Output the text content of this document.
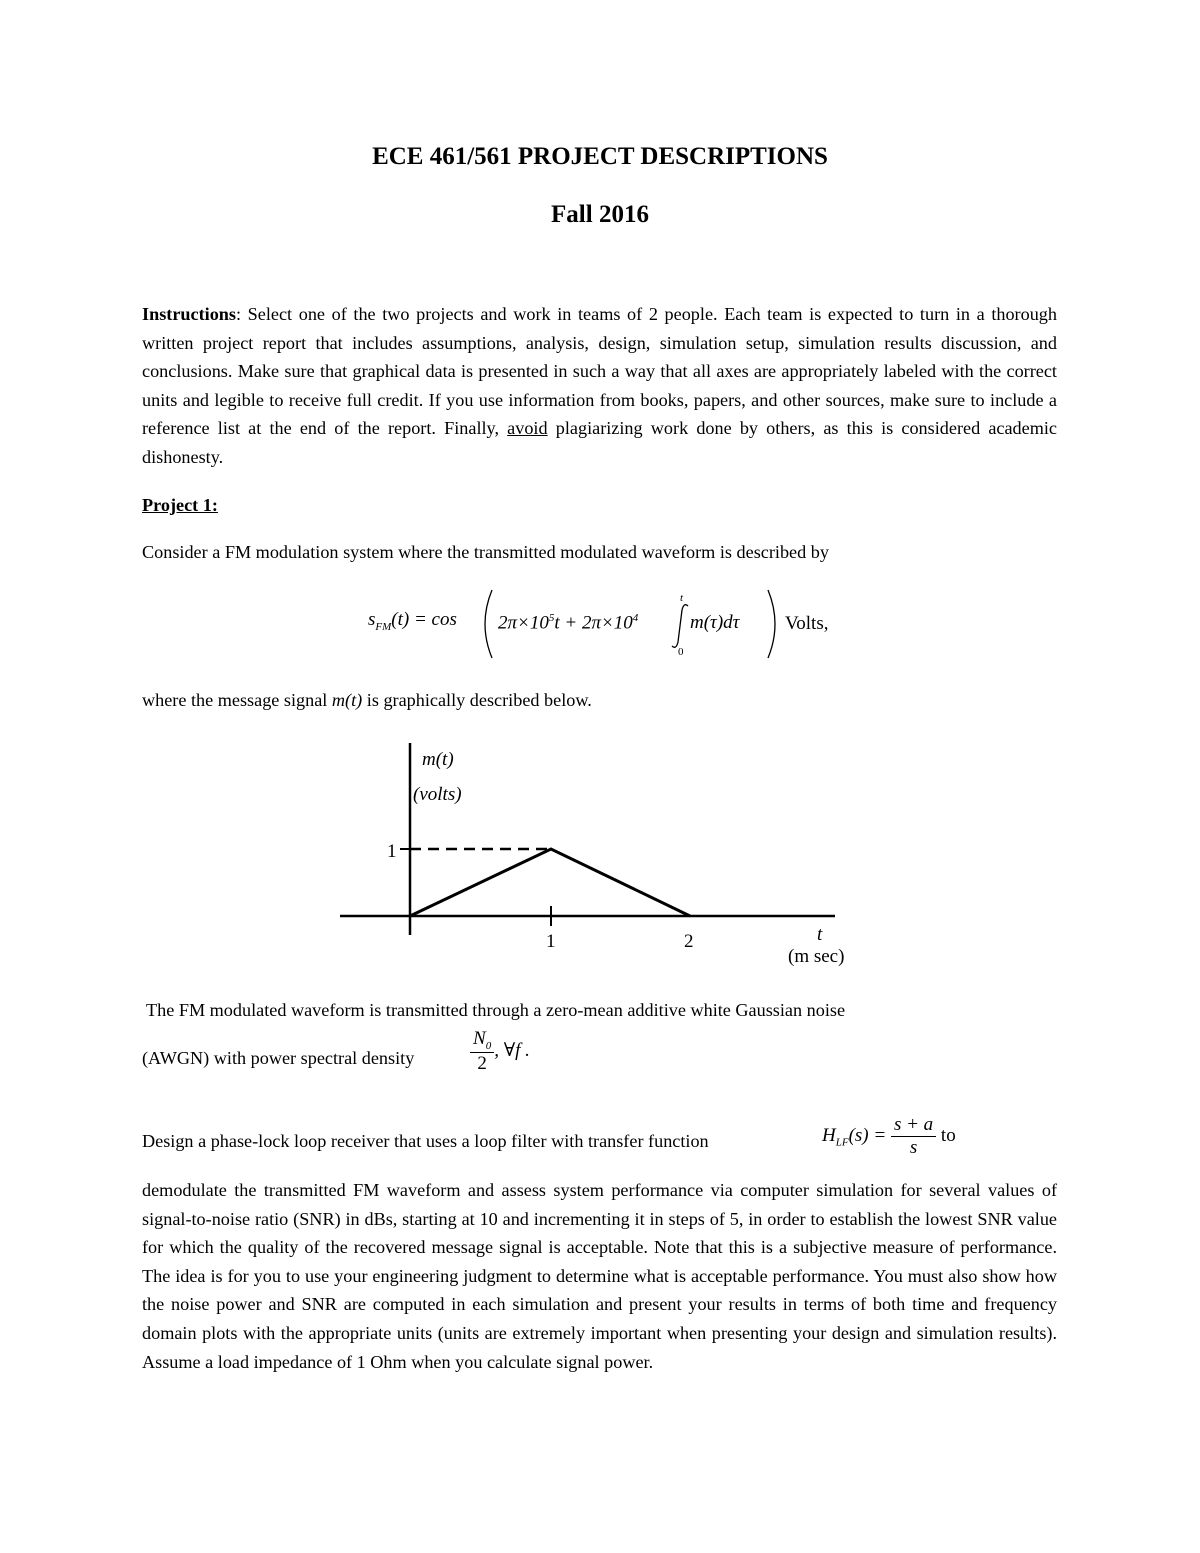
ECE 461/561 PROJECT DESCRIPTIONS
Fall 2016
Instructions: Select one of the two projects and work in teams of 2 people. Each team is expected to turn in a thorough written project report that includes assumptions, analysis, design, simulation setup, simulation results discussion, and conclusions. Make sure that graphical data is presented in such a way that all axes are appropriately labeled with the correct units and legible to receive full credit. If you use information from books, papers, and other sources, make sure to include a reference list at the end of the report. Finally, avoid plagiarizing work done by others, as this is considered academic dishonesty.
Project 1:
Consider a FM modulation system where the transmitted modulated waveform is described by
$s_{FM}(t) = \cos 2\pi\times 10^5t + 2\pi\times 10^4$	m(τ)dτ
t
0
Volts,
where the message signal m(t) is graphically described below.
m(t)
(volts)
1
1	2	t
(m sec)
The FM modulated waveform is transmitted through a zero-mean additive white Gaussian noise
(AWGN) with power spectral density	$\frac{N_0}{2}$ , ∀f .
Design a phase-lock loop receiver that uses a loop filter with transfer function	$H_{LF}(s) = \frac{s + a}{s}$ to
demodulate the transmitted FM waveform and assess system performance via computer simulation for several values of signal-to-noise ratio (SNR) in dBs, starting at 10 and incrementing it in steps of 5, in order to establish the lowest SNR value for which the quality of the recovered message signal is acceptable. Note that this is a subjective measure of performance. The idea is for you to use your engineering judgment to determine what is acceptable performance. You must also show how the noise power and SNR are computed in each simulation and present your results in terms of both time and frequency domain plots with the appropriate units (units are extremely important when presenting your design and simulation results). Assume a load impedance of 1 Ohm when you calculate signal power.
